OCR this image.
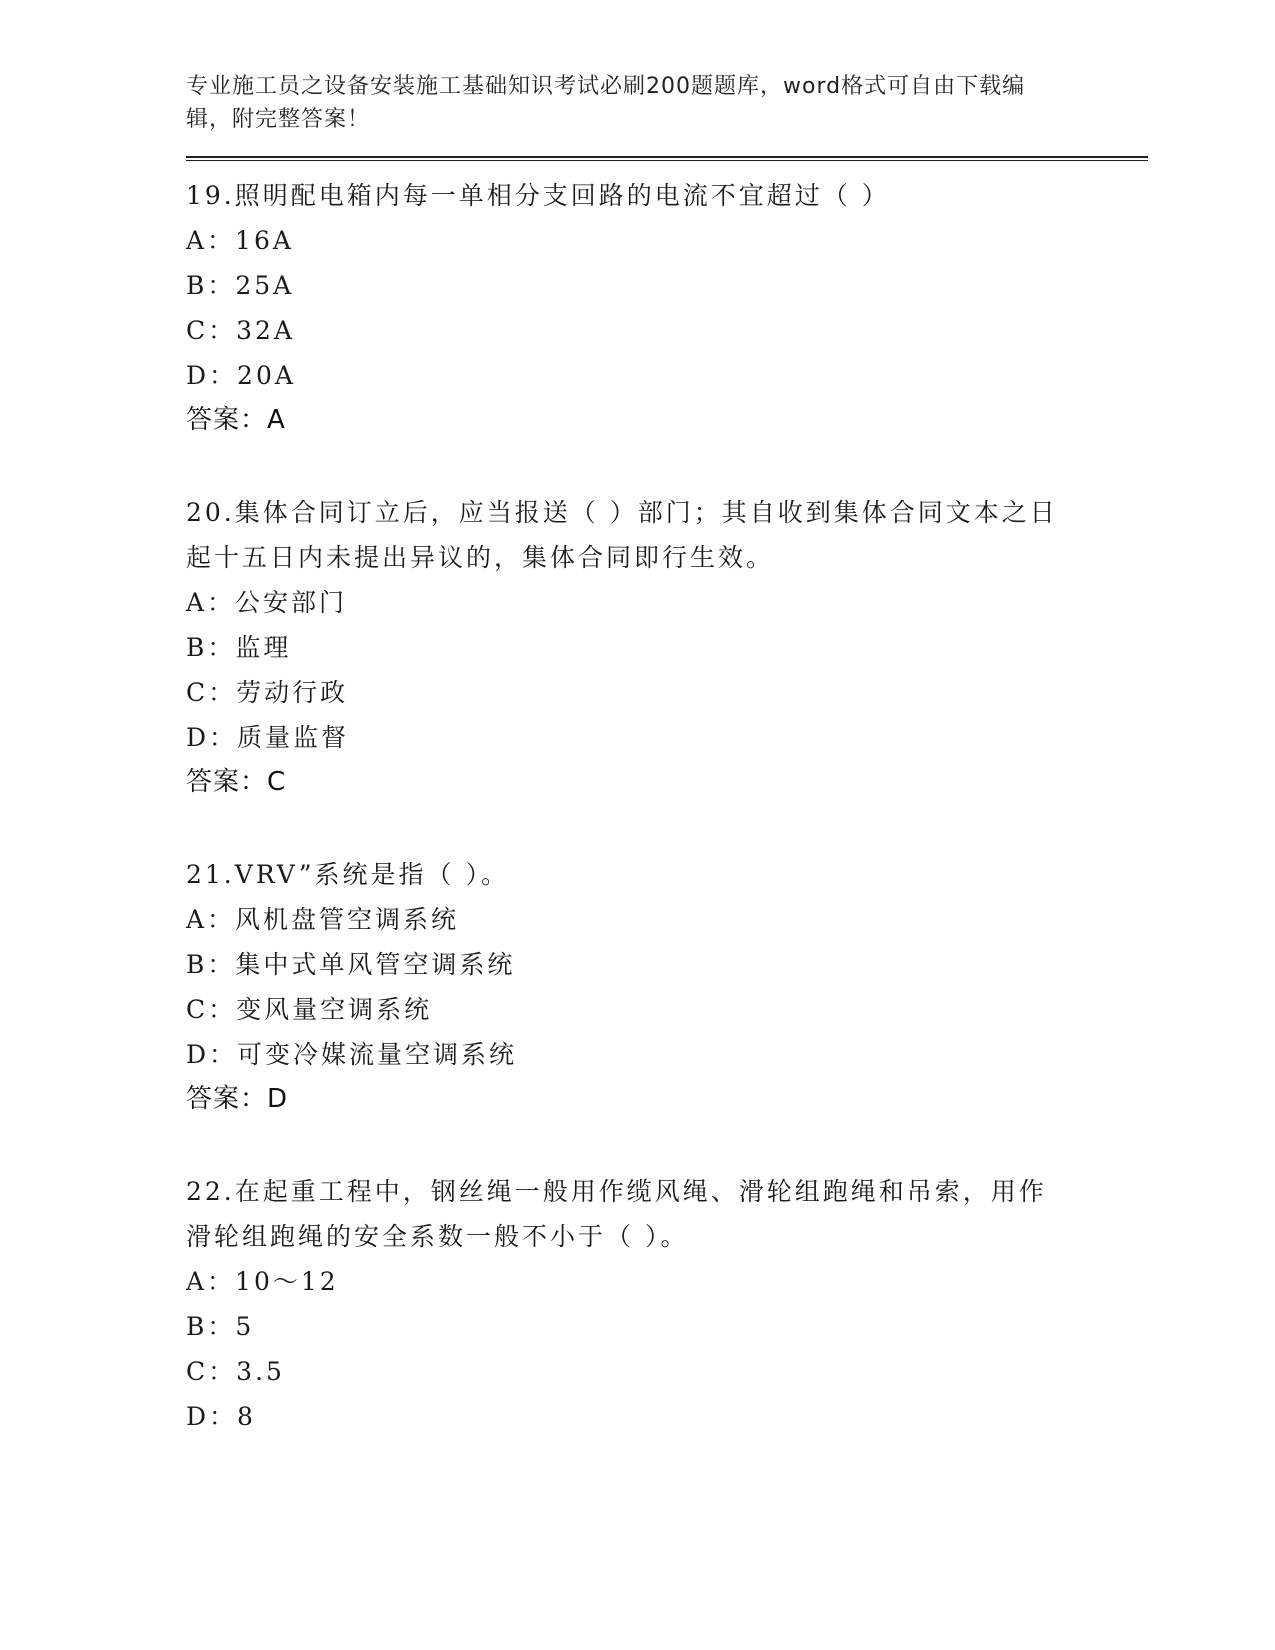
专业施工员之设备安装施工基础知识考试必刷200题题库，word格式可自由下载编辑，附完整答案！
19.照明配电箱内每一单相分支回路的电流不宜超过（ ）
A：16A
B：25A
C：32A
D：20A
答案：A
20.集体合同订立后，应当报送（ ）部门；其自收到集体合同文本之日起十五日内未提出异议的，集体合同即行生效。
A：公安部门
B：监理
C：劳动行政
D：质量监督
答案：C
21.VRV”系统是指（ ）。
A：风机盘管空调系统
B：集中式单风管空调系统
C：变风量空调系统
D：可变冷媒流量空调系统
答案：D
22.在起重工程中，钢丝绳一般用作缆风绳、滑轮组跑绳和吊索，用作滑轮组跑绳的安全系数一般不小于（ ）。
A：10～12
B：5
C：3.5
D：8
